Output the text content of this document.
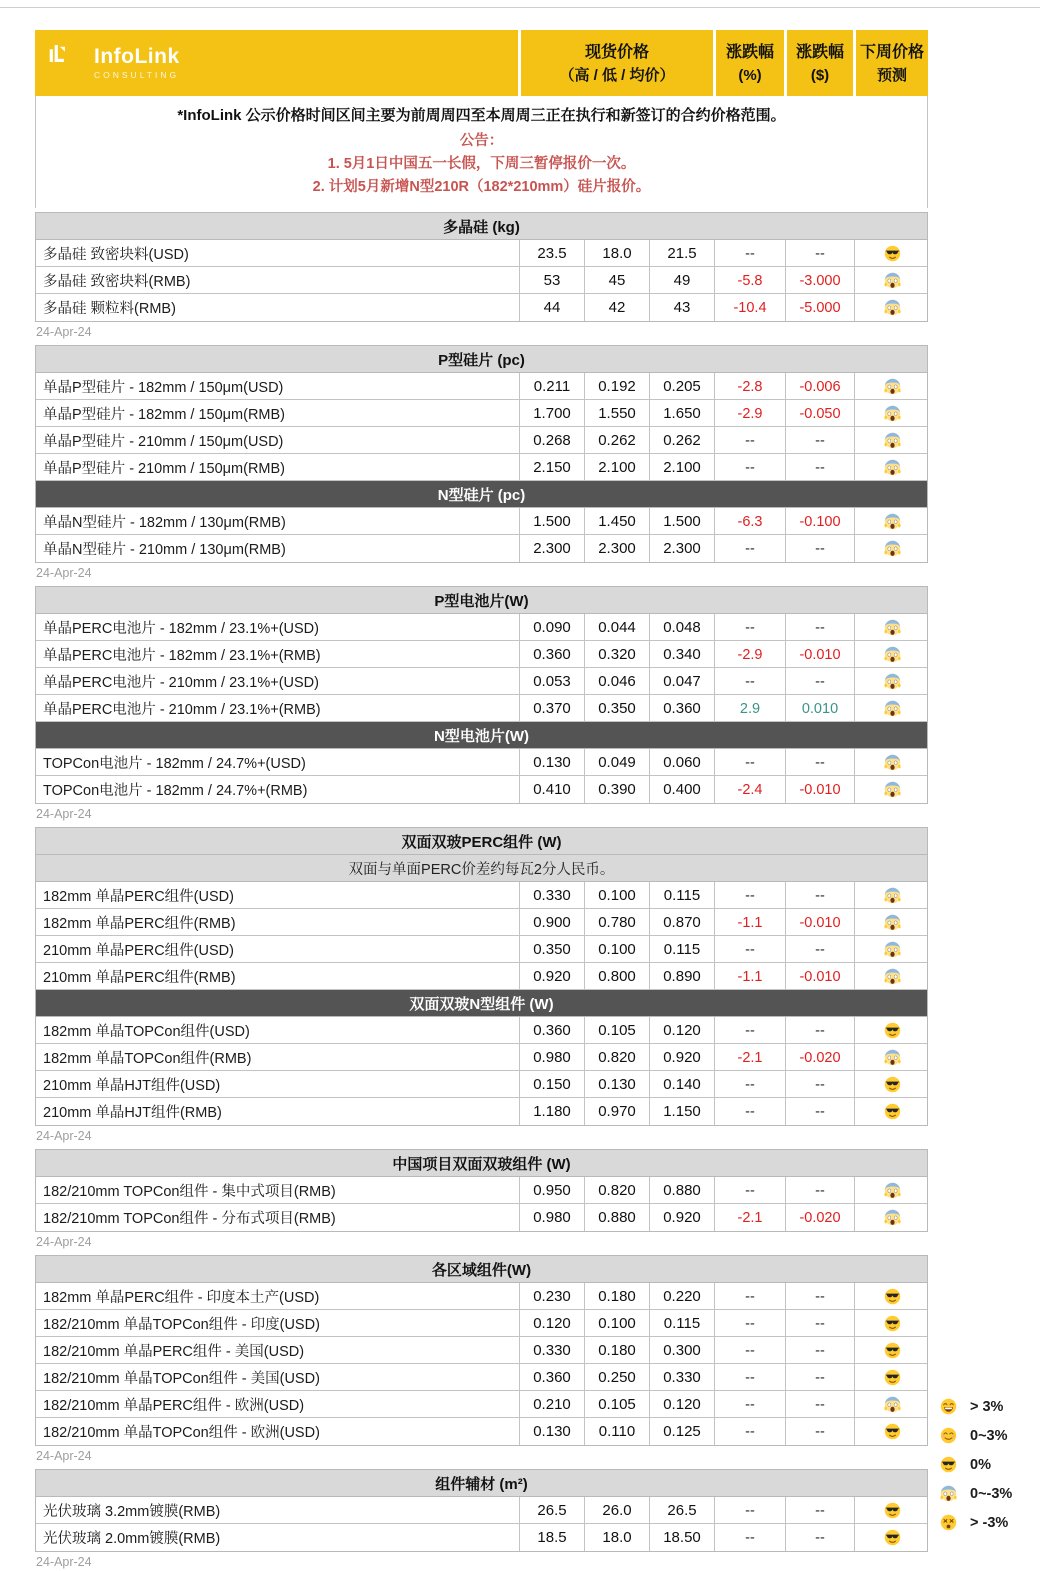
InfoLink
CONSULTING
现货价格
（高 / 低 / 均价）
涨跌幅
(%)
涨跌幅
($)
下周价格
预测
*InfoLink 公示价格时间区间主要为前周周四至本周周三正在执行和新签订的合约价格范围。
公告：
1. 5月1日中国五一长假，下周三暂停报价一次。
2. 计划5月新增N型210R（182*210mm）硅片报价。
多晶硅 (kg)
多晶硅 致密块料(USD)	23.5	18.0	21.5	--	--
多晶硅 致密块料(RMB)	53	45	49	-5.8	-3.000
多晶硅 颗粒料(RMB)	44	42	43	-10.4	-5.000
24-Apr-24
P型硅片 (pc)
单晶P型硅片 - 182mm / 150μm(USD)	0.211	0.192	0.205	-2.8	-0.006
单晶P型硅片 - 182mm / 150μm(RMB)	1.700	1.550	1.650	-2.9	-0.050
单晶P型硅片 - 210mm / 150μm(USD)	0.268	0.262	0.262	--	--
单晶P型硅片 - 210mm / 150μm(RMB)	2.150	2.100	2.100	--	--
N型硅片 (pc)
单晶N型硅片 - 182mm / 130μm(RMB)	1.500	1.450	1.500	-6.3	-0.100
单晶N型硅片 - 210mm / 130μm(RMB)	2.300	2.300	2.300	--	--
24-Apr-24
P型电池片(W)
单晶PERC电池片 - 182mm / 23.1%+(USD)	0.090	0.044	0.048	--	--
单晶PERC电池片 - 182mm / 23.1%+(RMB)	0.360	0.320	0.340	-2.9	-0.010
单晶PERC电池片 - 210mm / 23.1%+(USD)	0.053	0.046	0.047	--	--
单晶PERC电池片 - 210mm / 23.1%+(RMB)	0.370	0.350	0.360	2.9	0.010
N型电池片(W)
TOPCon电池片 - 182mm / 24.7%+(USD)	0.130	0.049	0.060	--	--
TOPCon电池片 - 182mm / 24.7%+(RMB)	0.410	0.390	0.400	-2.4	-0.010
24-Apr-24
双面双玻PERC组件 (W)
双面与单面PERC价差约每瓦2分人民币。
182mm 单晶PERC组件(USD)	0.330	0.100	0.115	--	--
182mm 单晶PERC组件(RMB)	0.900	0.780	0.870	-1.1	-0.010
210mm 单晶PERC组件(USD)	0.350	0.100	0.115	--	--
210mm 单晶PERC组件(RMB)	0.920	0.800	0.890	-1.1	-0.010
双面双玻N型组件 (W)
182mm 单晶TOPCon组件(USD)	0.360	0.105	0.120	--	--
182mm 单晶TOPCon组件(RMB)	0.980	0.820	0.920	-2.1	-0.020
210mm 单晶HJT组件(USD)	0.150	0.130	0.140	--	--
210mm 单晶HJT组件(RMB)	1.180	0.970	1.150	--	--
24-Apr-24
中国项目双面双玻组件 (W)
182/210mm TOPCon组件 - 集中式项目(RMB)	0.950	0.820	0.880	--	--
182/210mm TOPCon组件 - 分布式项目(RMB)	0.980	0.880	0.920	-2.1	-0.020
24-Apr-24
各区域组件(W)
182mm 单晶PERC组件 - 印度本土产(USD)	0.230	0.180	0.220	--	--
182/210mm 单晶TOPCon组件 - 印度(USD)	0.120	0.100	0.115	--	--
182/210mm 单晶PERC组件 - 美国(USD)	0.330	0.180	0.300	--	--
182/210mm 单晶TOPCon组件 - 美国(USD)	0.360	0.250	0.330	--	--
182/210mm 单晶PERC组件 - 欧洲(USD)	0.210	0.105	0.120	--	--
182/210mm 单晶TOPCon组件 - 欧洲(USD)	0.130	0.110	0.125	--	--
24-Apr-24
组件辅材 (m²)
光伏玻璃 3.2mm镀膜(RMB)	26.5	26.0	26.5	--	--
光伏玻璃 2.0mm镀膜(RMB)	18.5	18.0	18.50	--	--
24-Apr-24
> 3%
0~3%
0%
0~-3%
> -3%
